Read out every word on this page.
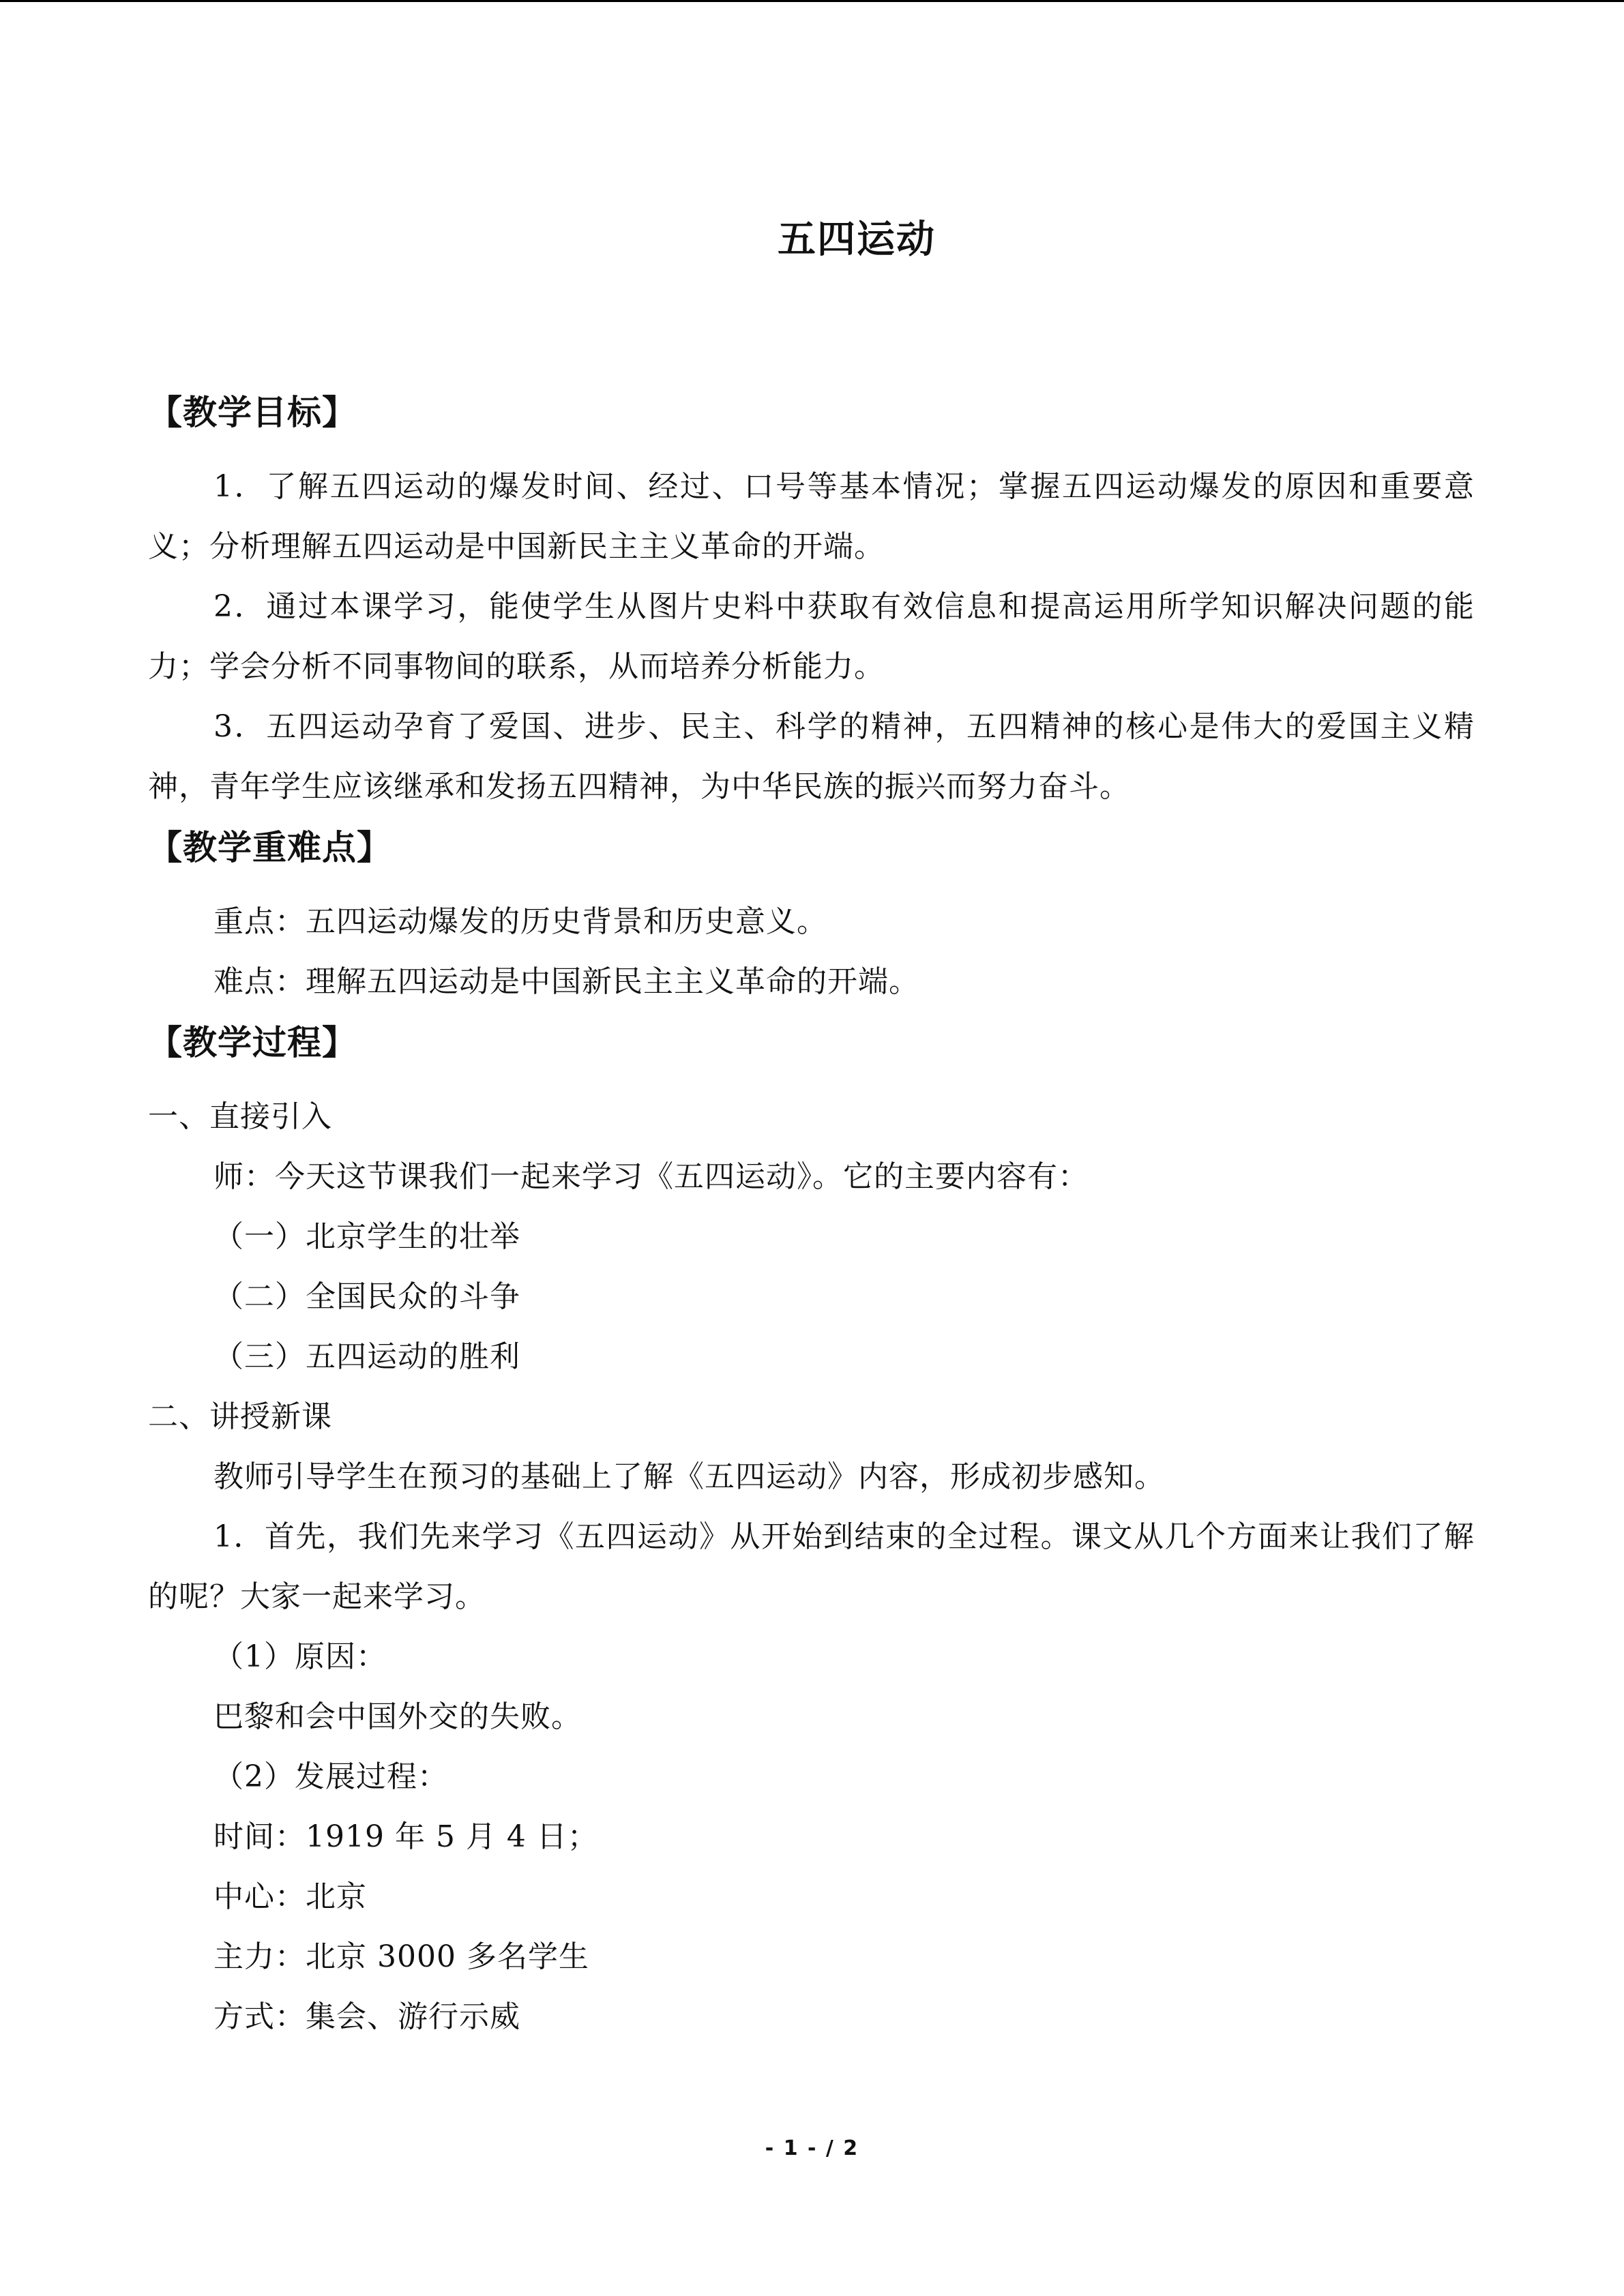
五四运动
【教学目标】

1．了解五四运动的爆发时间、经过、口号等基本情况；掌握五四运动爆发的原因和重要意义；分析理解五四运动是中国新民主主义革命的开端。

2．通过本课学习，能使学生从图片史料中获取有效信息和提高运用所学知识解决问题的能力；学会分析不同事物间的联系，从而培养分析能力。

3．五四运动孕育了爱国、进步、民主、科学的精神，五四精神的核心是伟大的爱国主义精神，青年学生应该继承和发扬五四精神，为中华民族的振兴而努力奋斗。

【教学重难点】

重点：五四运动爆发的历史背景和历史意义。

难点：理解五四运动是中国新民主主义革命的开端。

【教学过程】

一、直接引入

师：今天这节课我们一起来学习《五四运动》。它的主要内容有：

（一）北京学生的壮举

（二）全国民众的斗争

（三）五四运动的胜利

二、讲授新课

教师引导学生在预习的基础上了解《五四运动》内容，形成初步感知。

1．首先，我们先来学习《五四运动》从开始到结束的全过程。课文从几个方面来让我们了解的呢？大家一起来学习。

（1）原因：

巴黎和会中国外交的失败。

（2）发展过程：

时间：1919 年 5 月 4 日；

中心：北京

主力：北京 3000 多名学生

方式：集会、游行示威

- 1 - / 2
